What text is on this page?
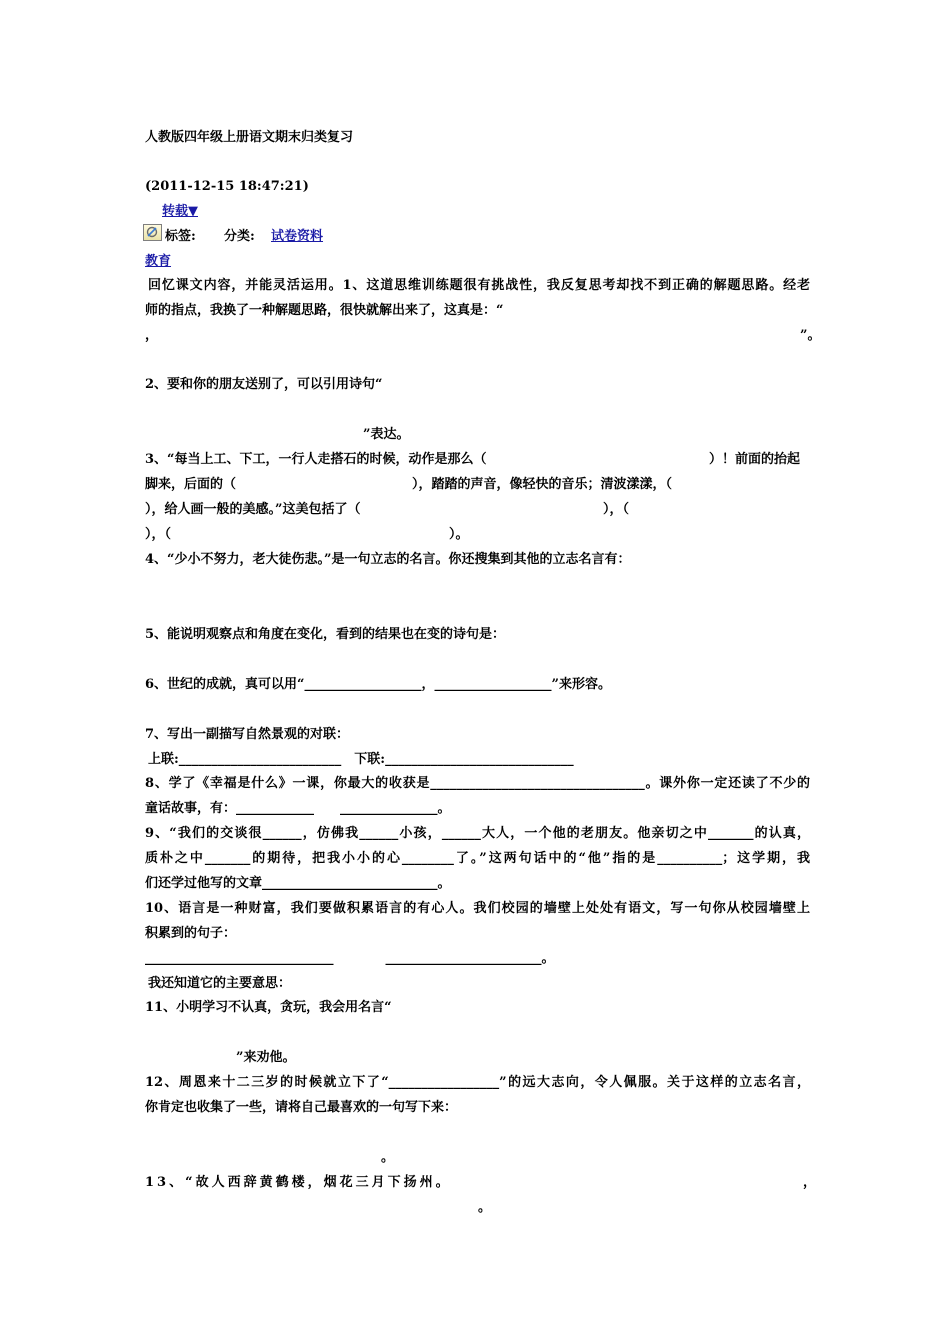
人教版四年级上册语文期末归类复习
(2011-12-15 18:47:21)
转载▼
标签: 分类: 试卷资料
教育
回忆课文内容，并能灵活运用。1、这道思维训练题很有挑战性，我反复思考却找不到正确的解题思路。经老
师的指点，我换了一种解题思路，很快就解出来了，这真是：“
，	”。
2、要和你的朋友送别了，可以引用诗句“
”表达。
3、“每当上工、下工，一行人走搭石的时候，动作是那么（	）！前面的抬起
脚来，后面的（	），踏踏的声音，像轻快的音乐；清波漾漾，（
），给人画一般的美感。”这美包括了（	），（
），（	）。
4、“少小不努力，老大徒伤悲。”是一句立志的名言。你还搜集到其他的立志名言有：
5、能说明观察点和角度在变化，看到的结果也在变的诗句是：
6、世纪的成就，真可以用“__________________，__________________”来形容。
7、写出一副描写自然景观的对联：
上联:_________________________　下联:_____________________________
8、学了《幸福是什么》一课，你最大的收获是_________________________________。课外你一定还读了不少的
童话故事，有：____________　　_______________。
9、“我们的交谈很______，仿佛我______小孩，______大人，一个他的老朋友。他亲切之中_______的认真，
质朴之中_______的期待，把我小小的心________了。”这两句话中的“他”指的是__________；这学期，我
们还学过他写的文章___________________________。
10、语言是一种财富，我们要做积累语言的有心人。我们校园的墙壁上处处有语文，写一句你从校园墙壁上
积累到的句子：
_____________________________　　　　________________________。
我还知道它的主要意思：
11、小明学习不认真，贪玩，我会用名言“
”来劝他。
12、周恩来十二三岁的时候就立下了“_________________”的远大志向，令人佩服。关于这样的立志名言，
你肯定也收集了一些，请将自己最喜欢的一句写下来：
。
13、“故人西辞黄鹤楼，烟花三月下扬州。	，
。
